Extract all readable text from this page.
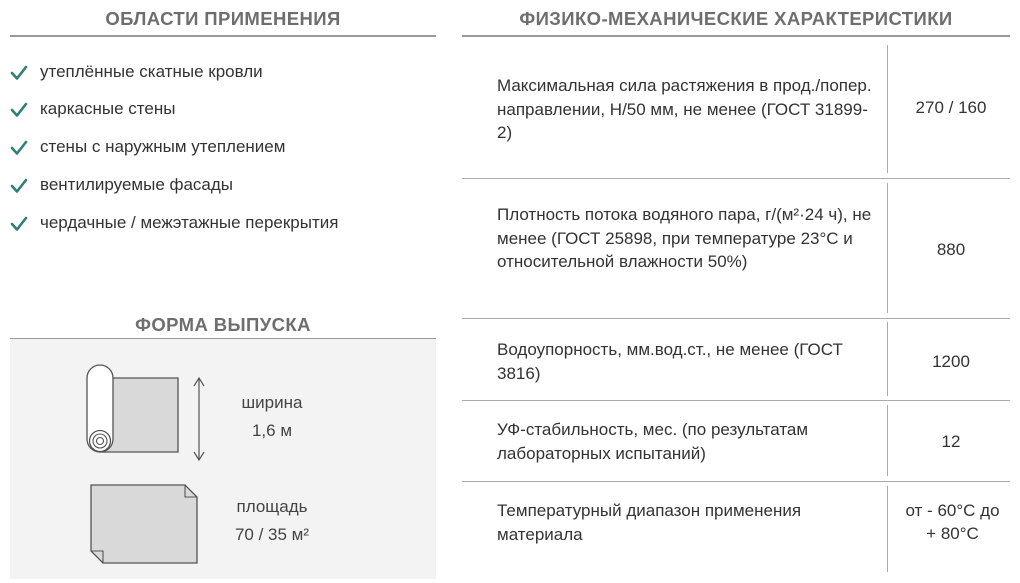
ОБЛАСТИ ПРИМЕНЕНИЯ
утеплённые скатные кровли
каркасные стены
стены с наружным утеплением
вентилируемые фасады
чердачные / межэтажные перекрытия
ФОРМА ВЫПУСКА
ширина
1,6 м
площадь
70 / 35 м²
ФИЗИКО-МЕХАНИЧЕСКИЕ ХАРАКТЕРИСТИКИ
Максимальная сила растяжения в прод./попер. направлении, Н/50 мм, не менее (ГОСТ 31899-2)
270 / 160
Плотность потока водяного пара, г/(м²·24 ч), не менее (ГОСТ 25898, при температуре 23°С и относительной влажности 50%)
880
Водоупорность, мм.вод.ст., не менее (ГОСТ 3816)
1200
УФ-стабильность, мес. (по результатам лабораторных испытаний)
12
Температурный диапазон применения материала
от - 60°С до + 80°С
